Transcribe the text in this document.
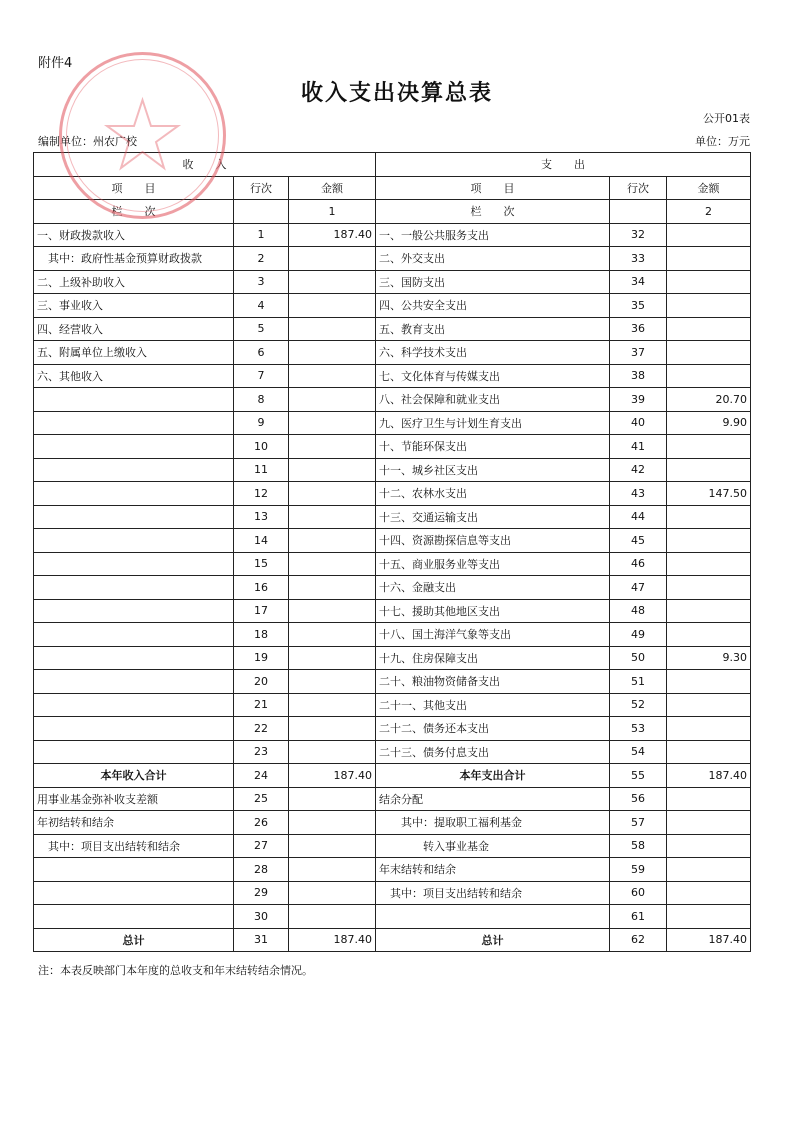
附件4
收入支出决算总表
公开01表
编制单位：州农广校	单位：万元
收　　入			支　　出		
项　　目	行次	金额	项　　目	行次	金额
栏　　次		1	栏　　次		2
一、财政拨款收入	1	187.40	一、一般公共服务支出	32	
　其中：政府性基金预算财政拨款	2		二、外交支出	33	
二、上级补助收入	3		三、国防支出	34	
三、事业收入	4		四、公共安全支出	35	
四、经营收入	5		五、教育支出	36	
五、附属单位上缴收入	6		六、科学技术支出	37	
六、其他收入	7		七、文化体育与传媒支出	38	
	8		八、社会保障和就业支出	39	20.70
	9		九、医疗卫生与计划生育支出	40	9.90
	10		十、节能环保支出	41	
	11		十一、城乡社区支出	42	
	12		十二、农林水支出	43	147.50
	13		十三、交通运输支出	44	
	14		十四、资源勘探信息等支出	45	
	15		十五、商业服务业等支出	46	
	16		十六、金融支出	47	
	17		十七、援助其他地区支出	48	
	18		十八、国土海洋气象等支出	49	
	19		十九、住房保障支出	50	9.30
	20		二十、粮油物资储备支出	51	
	21		二十一、其他支出	52	
	22		二十二、债务还本支出	53	
	23		二十三、债务付息支出	54	
本年收入合计	24	187.40	本年支出合计	55	187.40
用事业基金弥补收支差额	25		结余分配	56	
年初结转和结余	26		　　其中：提取职工福利基金	57	
　其中：项目支出结转和结余	27		　　　　转入事业基金	58	
	28		年末结转和结余	59	
	29		　其中：项目支出结转和结余	60	
	30			61	
总计	31	187.40	总计	62	187.40
注：本表反映部门本年度的总收支和年末结转结余情况。
